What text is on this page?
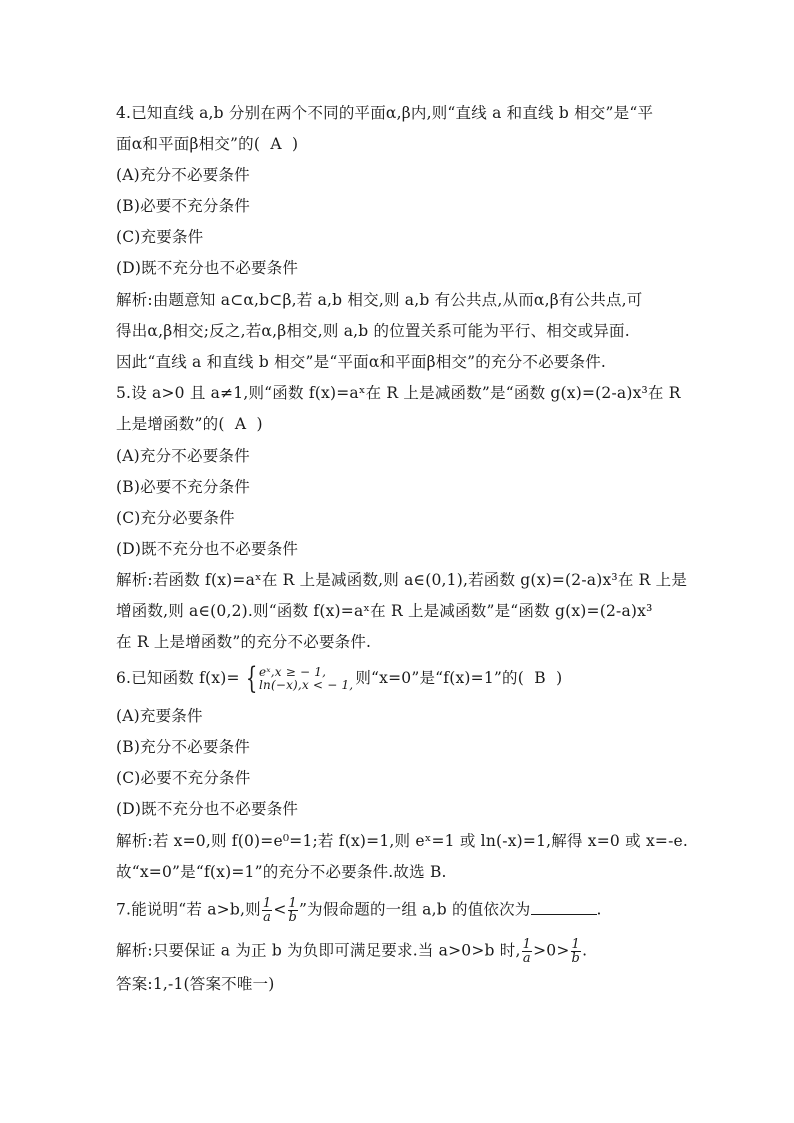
4.已知直线 a,b 分别在两个不同的平面α,β内,则“直线 a 和直线 b 相交”是“平
面α和平面β相交”的(  A  )
(A)充分不必要条件
(B)必要不充分条件
(C)充要条件
(D)既不充分也不必要条件
解析:由题意知 a⊂α,b⊂β,若 a,b 相交,则 a,b 有公共点,从而α,β有公共点,可
得出α,β相交;反之,若α,β相交,则 a,b 的位置关系可能为平行、相交或异面.
因此“直线 a 和直线 b 相交”是“平面α和平面β相交”的充分不必要条件.
5.设 a>0 且 a≠1,则“函数 f(x)=aˣ在 R 上是减函数”是“函数 g(x)=(2-a)x³在 R
上是增函数”的(  A  )
(A)充分不必要条件
(B)必要不充分条件
(C)充分必要条件
(D)既不充分也不必要条件
解析:若函数 f(x)=aˣ在 R 上是减函数,则 a∈(0,1),若函数 g(x)=(2-a)x³在 R 上是
增函数,则 a∈(0,2).则“函数 f(x)=aˣ在 R 上是减函数”是“函数 g(x)=(2-a)x³
在 R 上是增函数”的充分不必要条件.
6.已知函数 f(x)= { eˣ,x ≥ − 1,
ln(−x),x < − 1, 则“x=0”是“f(x)=1”的(  B  )
(A)充要条件
(B)充分不必要条件
(C)必要不充分条件
(D)既不充分也不必要条件
解析:若 x=0,则 f(0)=e⁰=1;若 f(x)=1,则 eˣ=1 或 ln(-x)=1,解得 x=0 或 x=-e.
故“x=0”是“f(x)=1”的充分不必要条件.故选 B.
7.能说明“若 a>b,则 $\frac{1}{a} < \frac{1}{b}$ ”为假命题的一组 a,b 的值依次为	.
解析:只要保证 a 为正 b 为负即可满足要求.当 a>0>b 时, $\frac{1}{a} >0> \frac{1}{b}$ .
答案:1,-1(答案不唯一)
